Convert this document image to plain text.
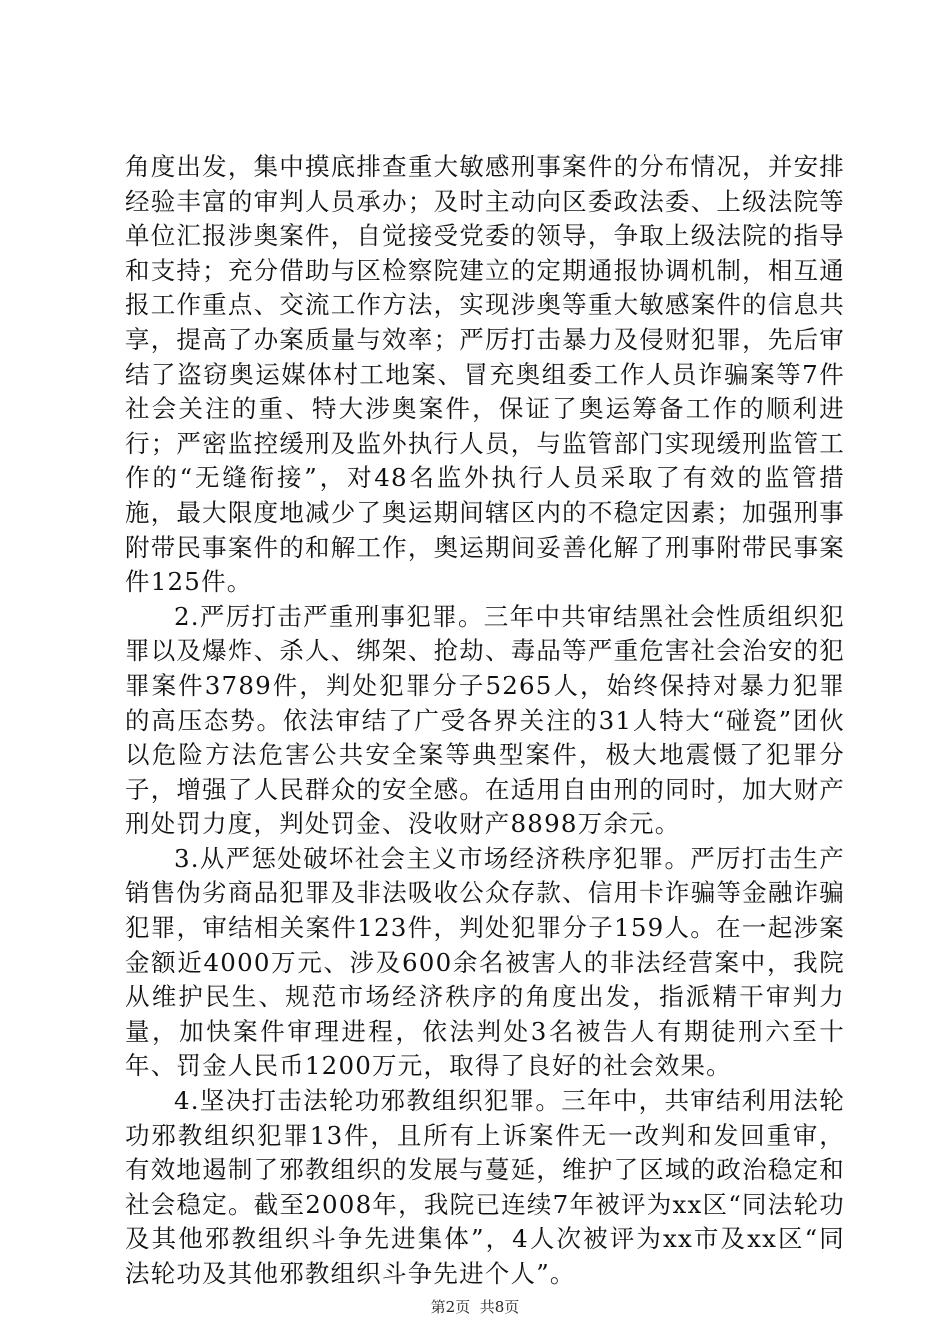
角度出发，集中摸底排查重大敏感刑事案件的分布情况，并安排经验丰富的审判人员承办；及时主动向区委政法委、上级法院等单位汇报涉奥案件，自觉接受党委的领导，争取上级法院的指导和支持；充分借助与区检察院建立的定期通报协调机制，相互通报工作重点、交流工作方法，实现涉奥等重大敏感案件的信息共享，提高了办案质量与效率；严厉打击暴力及侵财犯罪，先后审结了盗窃奥运媒体村工地案、冒充奥组委工作人员诈骗案等7件社会关注的重、特大涉奥案件，保证了奥运筹备工作的顺利进行；严密监控缓刑及监外执行人员，与监管部门实现缓刑监管工作的“无缝衔接”，对48名监外执行人员采取了有效的监管措施，最大限度地减少了奥运期间辖区内的不稳定因素；加强刑事附带民事案件的和解工作，奥运期间妥善化解了刑事附带民事案件125件。

2.严厉打击严重刑事犯罪。三年中共审结黑社会性质组织犯罪以及爆炸、杀人、绑架、抢劫、毒品等严重危害社会治安的犯罪案件3789件，判处犯罪分子5265人，始终保持对暴力犯罪的高压态势。依法审结了广受各界关注的31人特大“碰瓷”团伙以危险方法危害公共安全案等典型案件，极大地震慑了犯罪分子，增强了人民群众的安全感。在适用自由刑的同时，加大财产刑处罚力度，判处罚金、没收财产8898万余元。

3.从严惩处破坏社会主义市场经济秩序犯罪。严厉打击生产销售伪劣商品犯罪及非法吸收公众存款、信用卡诈骗等金融诈骗犯罪，审结相关案件123件，判处犯罪分子159人。在一起涉案金额近4000万元、涉及600余名被害人的非法经营案中，我院从维护民生、规范市场经济秩序的角度出发，指派精干审判力量，加快案件审理进程，依法判处3名被告人有期徒刑六至十年、罚金人民币1200万元，取得了良好的社会效果。

4.坚决打击法轮功邪教组织犯罪。三年中，共审结利用法轮功邪教组织犯罪13件，且所有上诉案件无一改判和发回重审，有效地遏制了邪教组织的发展与蔓延，维护了区域的政治稳定和社会稳定。截至2008年，我院已连续7年被评为xx区“同法轮功及其他邪教组织斗争先进集体”，4人次被评为xx市及xx区“同法轮功及其他邪教组织斗争先进个人”。

第2页 共8页
